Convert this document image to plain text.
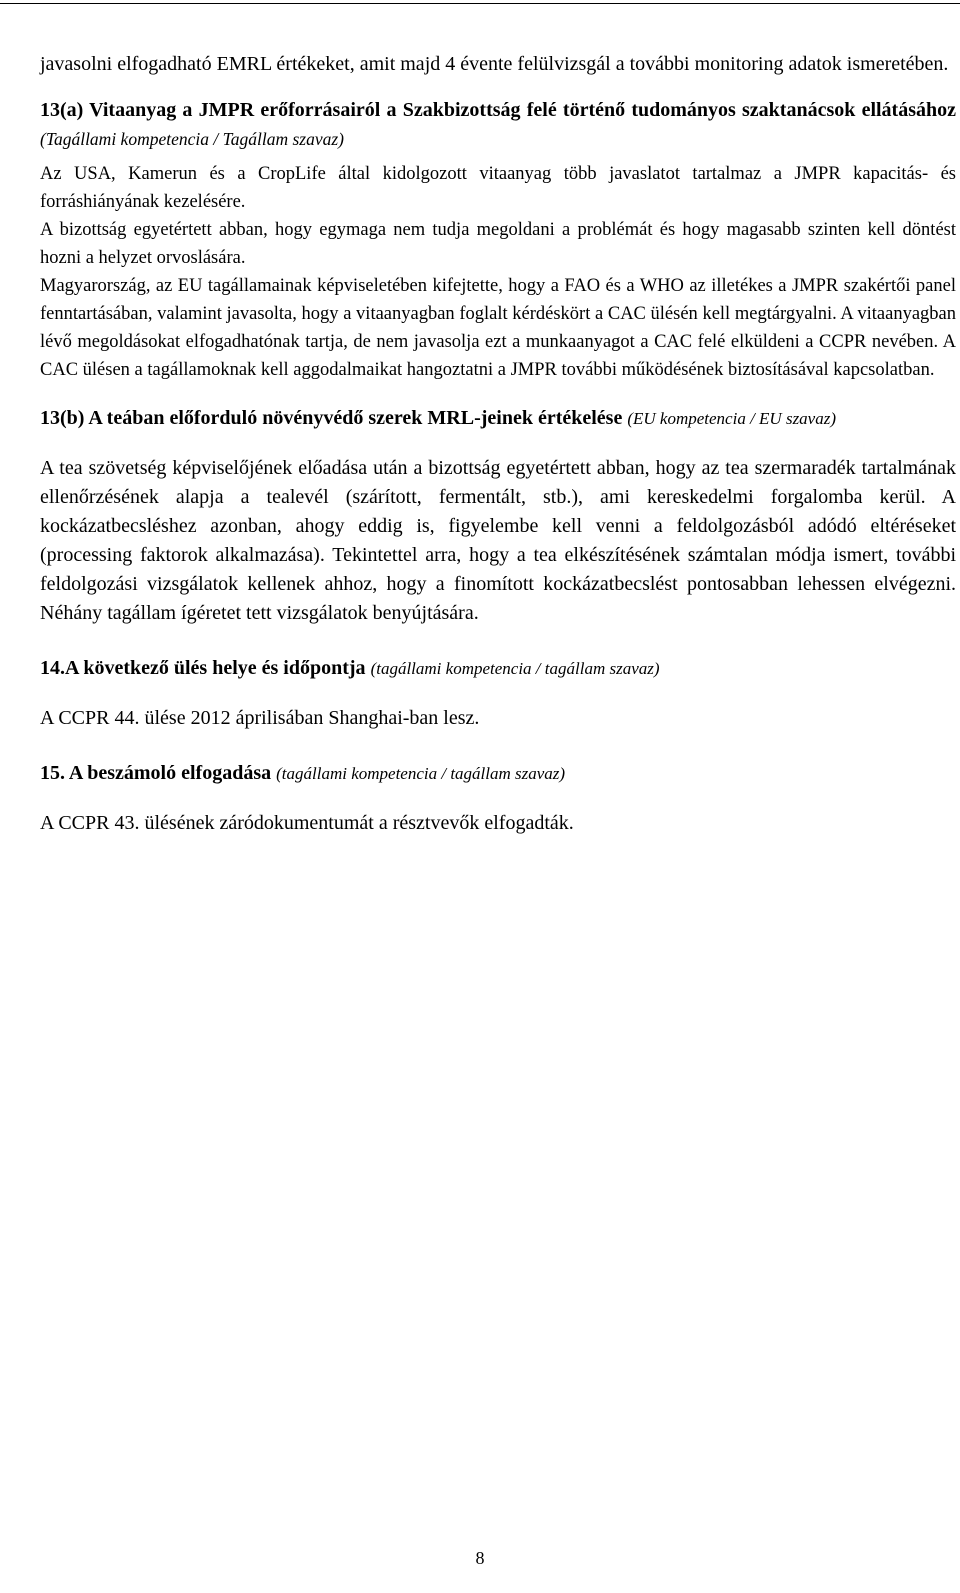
javasolni elfogadható EMRL értékeket, amit majd 4 évente felülvizsgál a további monitoring adatok ismeretében.

13(a) Vitaanyag a JMPR erőforrásairól a Szakbizottság felé történő tudományos szaktanácsok ellátásához (Tagállami kompetencia / Tagállam szavaz)

Az USA, Kamerun és a CropLife által kidolgozott vitaanyag több javaslatot tartalmaz a JMPR kapacitás- és forráshiányának kezelésére.

A bizottság egyetértett abban, hogy egymaga nem tudja megoldani a problémát és hogy magasabb szinten kell döntést hozni a helyzet orvoslására.

Magyarország, az EU tagállamainak képviseletében kifejtette, hogy a FAO és a WHO az illetékes a JMPR szakértői panel fenntartásában, valamint javasolta, hogy a vitaanyagban foglalt kérdéskört a CAC ülésén kell megtárgyalni. A vitaanyagban lévő megoldásokat elfogadhatónak tartja, de nem javasolja ezt a munkaanyagot a CAC felé elküldeni a CCPR nevében. A CAC ülésen a tagállamoknak kell aggodalmaikat hangoztatni a JMPR további működésének biztosításával kapcsolatban.

13(b) A teában előforduló növényvédő szerek MRL-jeinek értékelése (EU kompetencia / EU szavaz)

A tea szövetség képviselőjének előadása után a bizottság egyetértett abban, hogy az tea szermaradék tartalmának ellenőrzésének alapja a tealevél (szárított, fermentált, stb.), ami kereskedelmi forgalomba kerül. A kockázatbecsléshez azonban, ahogy eddig is, figyelembe kell venni a feldolgozásból adódó eltéréseket (processing faktorok alkalmazása). Tekintettel arra, hogy a tea elkészítésének számtalan módja ismert, további feldolgozási vizsgálatok kellenek ahhoz, hogy a finomított kockázatbecslést pontosabban lehessen elvégezni. Néhány tagállam ígéretet tett vizsgálatok benyújtására.

14.A következő ülés helye és időpontja (tagállami kompetencia / tagállam szavaz)

A CCPR 44. ülése 2012 áprilisában Shanghai-ban lesz.

15. A beszámoló elfogadása (tagállami kompetencia / tagállam szavaz)

A CCPR 43. ülésének záródokumentumát a résztvevők elfogadták.

8
